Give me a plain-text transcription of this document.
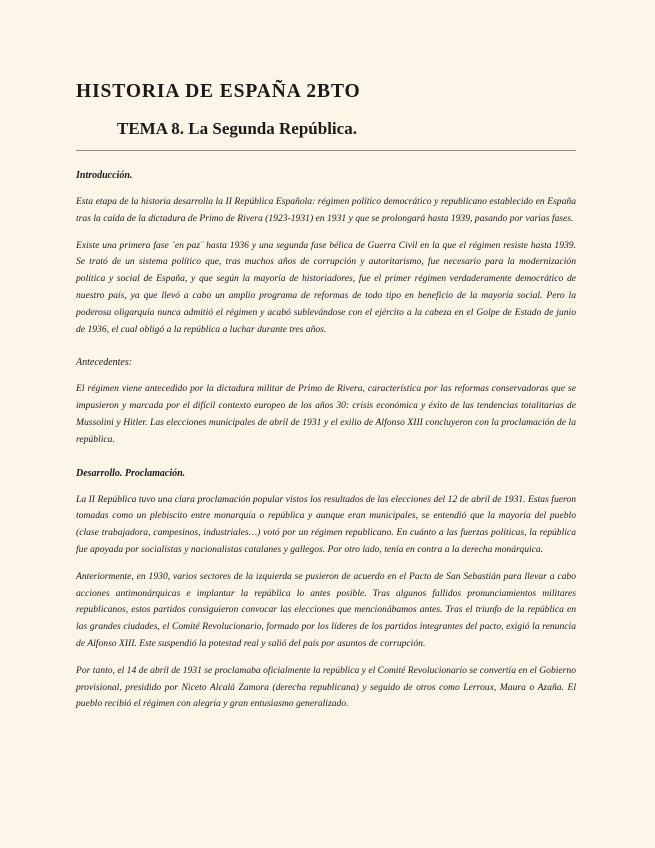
HISTORIA DE ESPAÑA 2BTO
TEMA 8. La Segunda República.
Introducción.

Esta etapa de la historia desarrolla la II República Española: régimen político democrático y republicano establecido en España tras la caída de la dictadura de Primo de Rivera (1923-1931) en 1931 y que se prolongará hasta 1939, pasando por varias fases.

Existe una primera fase ¨en paz¨ hasta 1936 y una segunda fase bélica de Guerra Civil en la que el régimen resiste hasta 1939. Se trató de un sistema político que, tras muchos años de corrupción y autoritarismo, fue necesario para la modernización política y social de España, y que según la mayoría de historiadores, fue el primer régimen verdaderamente democrático de nuestro país, ya que llevó a cabo un amplio programa de reformas de todo tipo en beneficio de la mayoría social. Pero la poderosa oligarquía nunca admitió el régimen y acabó sublevándose con el ejército a la cabeza en el Golpe de Estado de junio de 1936, el cual obligó a la república a luchar durante tres años.

Antecedentes:

El régimen viene antecedido por la dictadura militar de Primo de Rivera, característica por las reformas conservadoras que se impusieron y marcada por el difícil contexto europeo de los años 30: crisis económica y éxito de las tendencias totalitarias de Mussolini y Hitler. Las elecciones municipales de abril de 1931 y el exilio de Alfonso XIII concluyeron con la proclamación de la república.

Desarrollo. Proclamación.

La II República tuvo una clara proclamación popular vistos los resultados de las elecciones del 12 de abril de 1931. Estas fueron tomadas como un plebiscito entre monarquía o república y aunque eran municipales, se entendió que la mayoría del pueblo (clase trabajadora, campesinos, industriales…) votó por un régimen republicano. En cuánto a las fuerzas políticas, la república fue apoyada por socialistas y nacionalistas catalanes y gallegos. Por otro lado, tenía en contra a la derecha monárquica.

Anteriormente, en 1930, varios sectores de la izquierda se pusieron de acuerdo en el Pacto de San Sebastián para llevar a cabo acciones antimonárquicas e implantar la república lo antes posible. Tras algunos fallidos pronunciamientos militares republicanos, estos partidos consiguieron convocar las elecciones que mencionábamos antes. Tras el triunfo de la república en las grandes ciudades, el Comité Revolucionario, formado por los líderes de los partidos integrantes del pacto, exigió la renuncia de Alfonso XIII. Este suspendió la potestad real y salió del país por asuntos de corrupción.

Por tanto, el 14 de abril de 1931 se proclamaba oficialmente la república y el Comité Revolucionario se convertía en el Gobierno provisional, presidido por Niceto Alcalá Zamora (derecha republicana) y seguido de otros como Lerroux, Maura o Azaña. El pueblo recibió el régimen con alegría y gran entusiasmo generalizado.
